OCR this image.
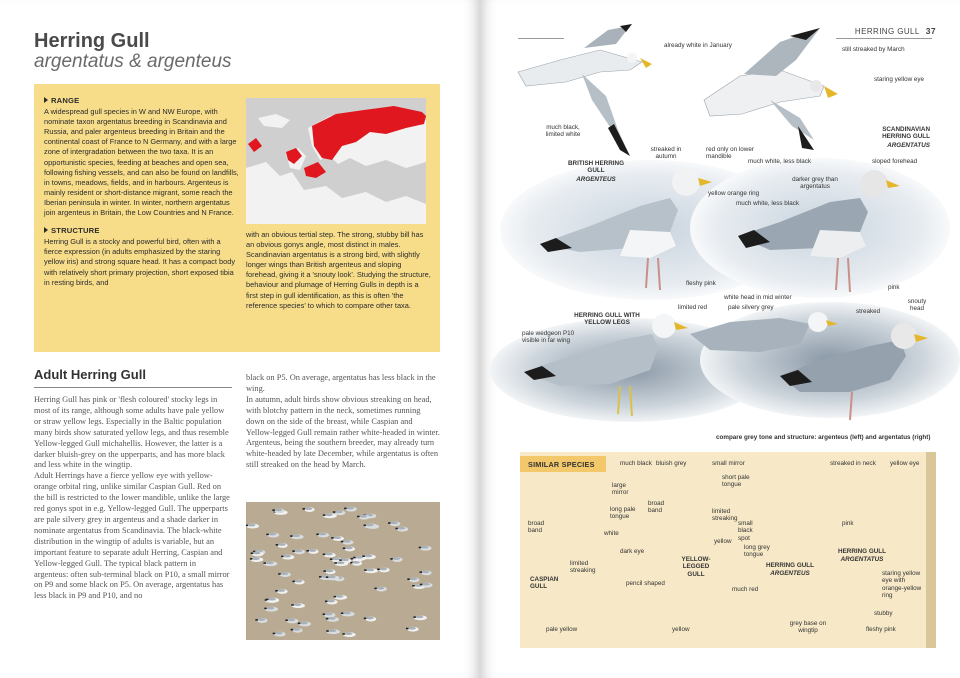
Herring Gull
argentatus & argenteus
RANGE

A widespread gull species in W and NW Europe, with nominate taxon argentatus breeding in Scandinavia and Russia, and paler argenteus breeding in Britain and the continental coast of France to N Germany, and with a large zone of intergradation between the two taxa. It is an opportunistic species, feeding at beaches and open sea, following fishing vessels, and can also be found on landfills, in towns, meadows, fields, and in harbours. Argenteus is mainly resident or short-distance migrant, some reach the Iberian peninsula in winter. In winter, northern argentatus join argenteus in Britain, the Low Countries and N France.

STRUCTURE

Herring Gull is a stocky and powerful bird, often with a fierce expression (in adults emphasized by the staring yellow iris) and strong square head. It has a compact body with relatively short primary projection, short exposed tibia in resting birds, and

with an obvious tertial step. The strong, stubby bill has an obvious gonys angle, most distinct in males.

Scandinavian argentatus is a strong bird, with slightly longer wings than British argenteus and sloping forehead, giving it a 'snouty look'. Studying the structure, behaviour and plumage of Herring Gulls in depth is a first step in gull identification, as this is often 'the reference species' to which to compare other taxa.

Adult Herring Gull

Herring Gull has pink or 'flesh coloured' stocky legs in most of its range, although some adults have pale yellow or straw yellow legs. Especially in the Baltic population many birds show saturated yellow legs, and thus resemble Yellow-legged Gull michahellis. However, the latter is a darker bluish-grey on the upperparts, and has more black and less white in the wingtip.

Adult Herrings have a fierce yellow eye with yellow-orange orbital ring, unlike similar Caspian Gull. Red on the bill is restricted to the lower mandible, unlike the large red gonys spot in e.g. Yellow-legged Gull. The upperparts are pale silvery grey in argenteus and a shade darker in nominate argentatus from Scandinavia. The black-white distribution in the wingtip of adults is variable, but an important feature to separate adult Herring, Caspian and Yellow-legged Gull. The typical black pattern in argenteus: often sub-terminal black on P10, a small mirror on P9 and some black on P5. On average, argentatus has less black in P9 and P10, and no

black on P5. On average, argentatus has less black in the wing.

In autumn, adult birds show obvious streaking on head, with blotchy pattern in the neck, sometimes running down on the side of the breast, while Caspian and Yellow-legged Gull remain rather white-headed in winter. Argenteus, being the southern breeder, may already turn white-headed by late December, while argentatus is often still streaked on the head by March.

HERRING GULL 37
already white in January
still streaked by March
staring yellow eye
much black, limited white
BRITISH HERRING GULL
ARGENTEUS
streaked in autumn
red only on lower mandible
much white, less black
SCANDINAVIAN HERRING GULL
ARGENTATUS
sloped forehead
yellow orange ring
darker grey than argentatus
much white, less black
fleshy pink
pink
HERRING GULL WITH YELLOW LEGS
limited red
white head in mid winter
pale silvery grey
streaked
snouty head
pale wedgeon P10 visible in far wing
compare grey tone and structure: argenteus (left) and argentatus (right)
SIMILAR SPECIES	much black bluish grey	small mirror	streaked in neck yellow eye
large mirror
short pale tongue
broad band
long pale tongue
broad band	limited streaking
small black spot
pink
white
yellow
long grey tongue
dark eye
limited streaking
CASPIAN GULL	pencil shaped
YELLOW-LEGGED GULL
HERRING GULL
ARGENTEUS
HERRING GULL
ARGENTATUS
much red
staring yellow eye with orange-yellow ring
stubby
pale yellow	yellow
grey base on wingtip	fleshy pink
